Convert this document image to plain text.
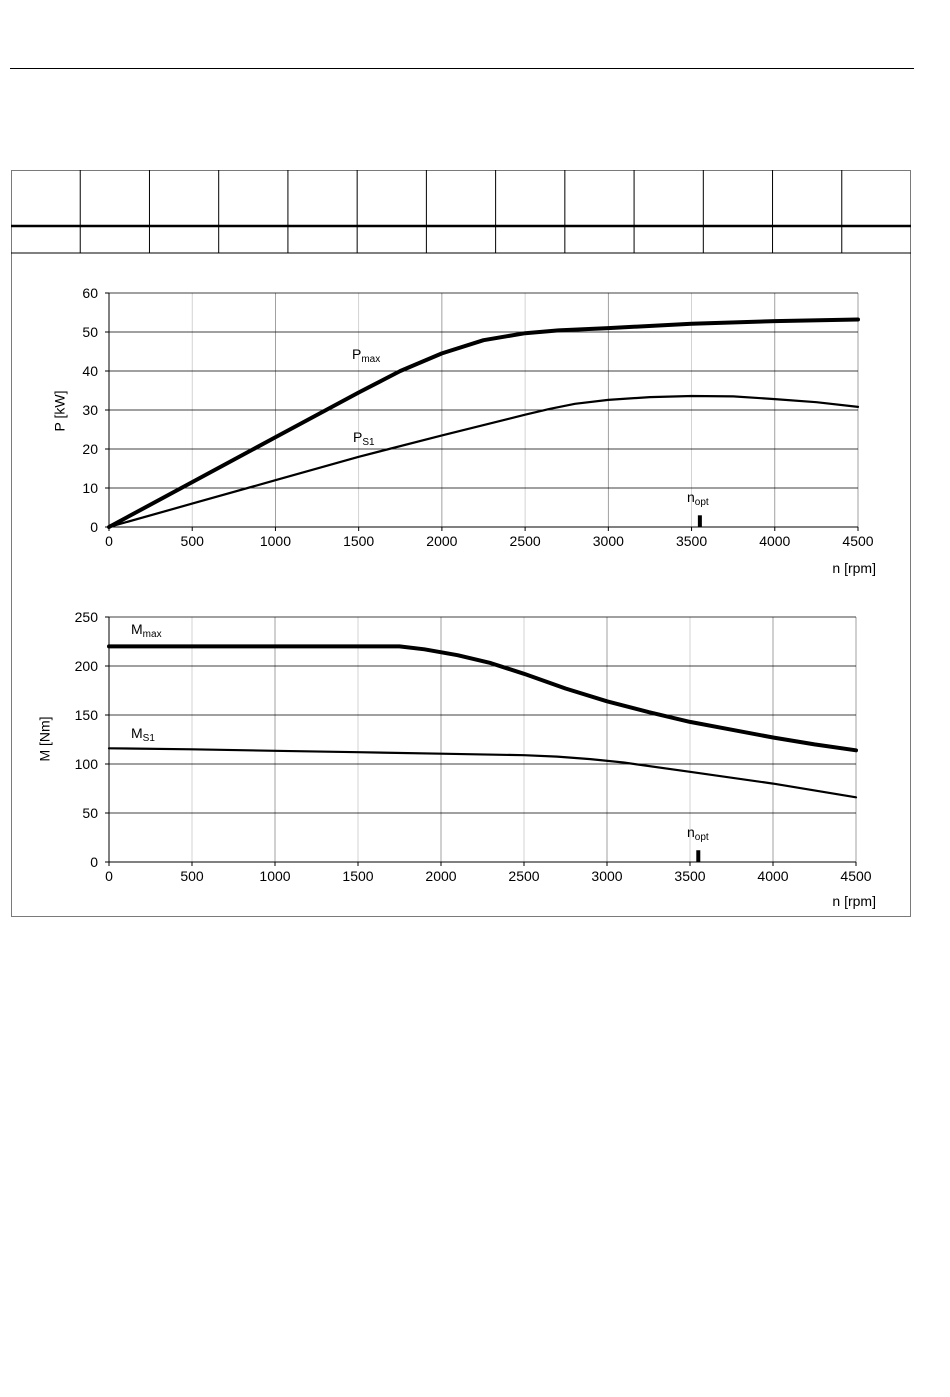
0	500	1000	1500	2000	2500	3000	3500	4000	4500
0
10
20
30
40
50
60
P [kW]
n [rpm]
$P_{max}$
$P_{S1}$
$n_{opt}$
0	500	1000	1500	2000	2500	3000	3500	4000	4500
0
50
100
150
200
250
M [Nm]
n [rpm]
$M_{max}$
$M_{S1}$
$n_{opt}$
